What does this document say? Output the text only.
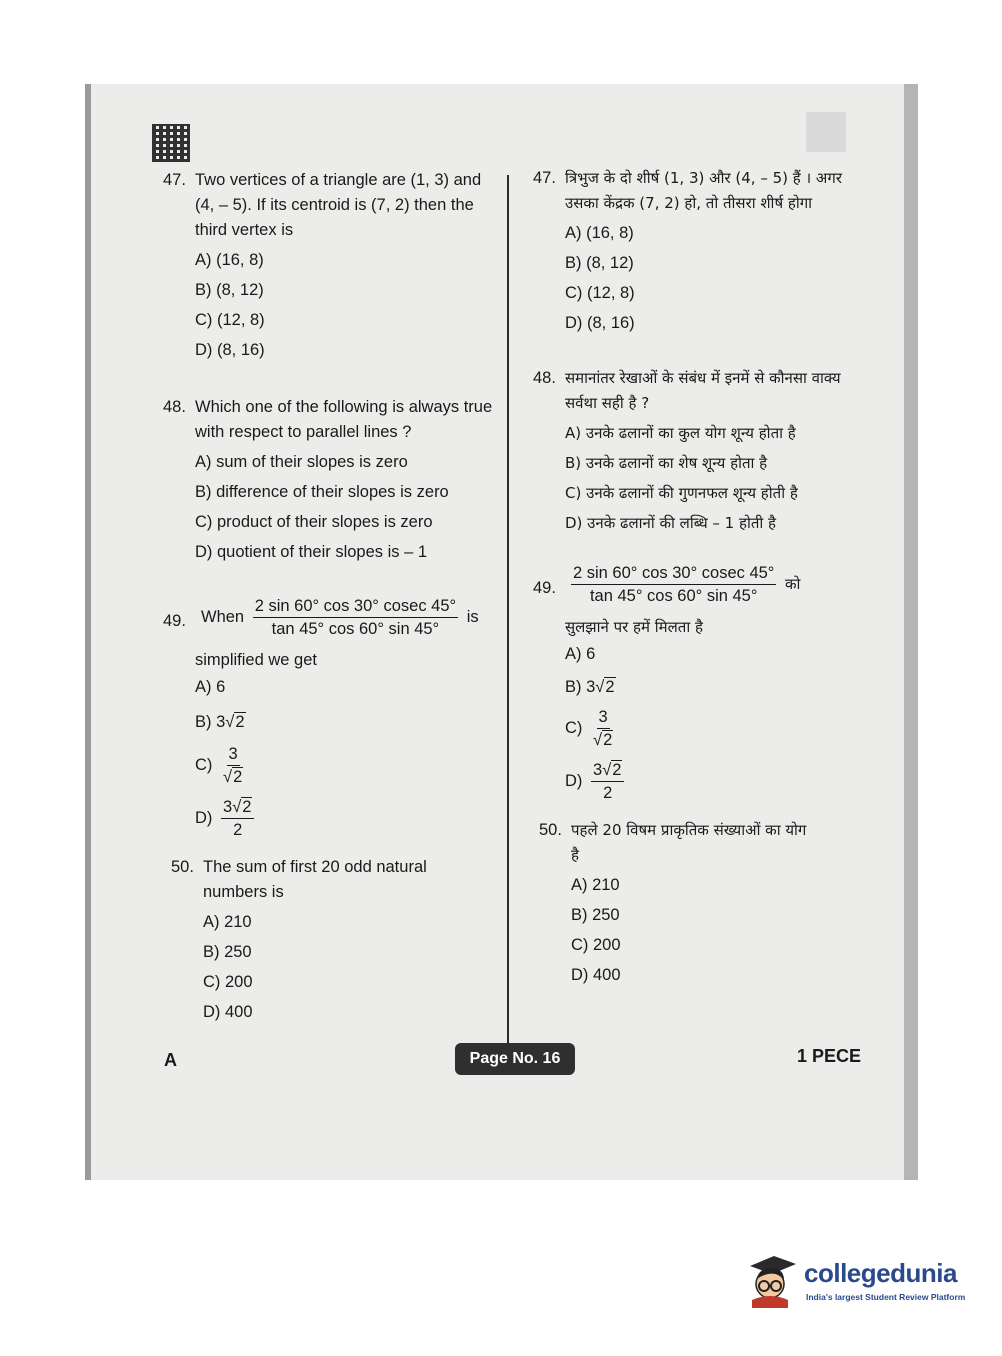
47. Two vertices of a triangle are (1, 3) and (4, – 5). If its centroid is (7, 2) then the third vertex is
A) (16, 8)
B) (8, 12)
C) (12, 8)
D) (8, 16)
48. Which one of the following is always true with respect to parallel lines ?
A) sum of their slopes is zero
B) difference of their slopes is zero
C) product of their slopes is zero
D) quotient of their slopes is – 1
49. When $\frac{2 \sin 60^\circ \cos 30^\circ cosec 45^\circ}{\tan 45^\circ \cos 60^\circ \sin 45^\circ}$ is
simplified we get
A) 6
B) 3√2
$C) \frac{3}{√2}$
$D) \frac{3√2}{2}$
50. The sum of first 20 odd natural numbers is
A) 210
B) 250
C) 200
D) 400
47. त्रिभुज के दो शीर्ष (1, 3) और (4, – 5) हैं । अगर उसका केंद्रक (7, 2) हो, तो तीसरा शीर्ष होगा
A) (16, 8)
B) (8, 12)
C) (12, 8)
D) (8, 16)
48. समानांतर रेखाओं के संबंध में इनमें से कौनसा वाक्य सर्वथा सही है ?
A) उनके ढलानों का कुल योग शून्य होता है
B) उनके ढलानों का शेष शून्य होता है
C) उनके ढलानों की गुणनफल शून्य होती है
D) उनके ढलानों की लब्धि – 1 होती है
49. $\frac{2 \sin 60^\circ \cos 30^\circ cosec 45^\circ}{\tan 45^\circ \cos 60^\circ \sin 45^\circ}$ को
सुलझाने पर हमें मिलता है
A) 6
B) 3√2
$C) \frac{3}{√2}$
$D) \frac{3√2}{2}$
50. पहले 20 विषम प्राकृतिक संख्याओं का योग है
A) 210
B) 250
C) 200
D) 400
A	Page No. 16	1 PECE
collegedunia
India's largest Student Review Platform
